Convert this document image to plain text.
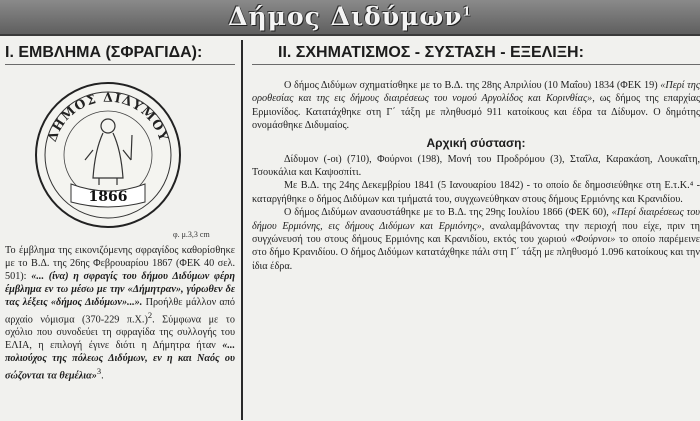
Δήμος Διδύμων$^1$
Ι. ΕΜΒΛΗΜΑ (ΣΦΡΑΓΙΔΑ):
ΔΗΜΟΣ ΔΙΔΥΜΟΥ
1866
φ. μ.3,3 cm
Το έμβλημα της εικονιζόμενης σφραγίδος καθορίσθηκε με το Β.Δ. της 26ης Φεβρουαρίου 1867 (ΦΕΚ 40 σελ. 501): «... (ίνα) η σφραγίς του δήμου Διδύμων φέρη έμβλημα εν τω μέσω με την «Δήμητραν», γύρωθεν δε τας λέξεις «δήμος Διδύμων»...». Προήλθε μάλλον από αρχαίο νόμισμα (370-229 π.Χ.)$^2$. Σύμφωνα με το σχόλιο που συνοδεύει τη σφραγίδα της συλλογής του ΕΛΙΑ, η επιλογή έγινε διότι η Δήμητρα ήταν «... πολιούχος της πόλεως Διδύμων, εν η και Ναός ου σώζονται τα θεμέλια»$^3$.
ΙΙ. ΣΧΗΜΑΤΙΣΜΟΣ - ΣΥΣΤΑΣΗ - ΕΞΕΛΙΞΗ:

Ο δήμος Διδύμων σχηματίσθηκε με το Β.Δ. της 28ης Απριλίου (10 Μαΐου) 1834 (ΦΕΚ 19) «Περί της οροθεσίας και της εις δήμους διαιρέσεως του νομού Αργολίδος και Κορινθίας», ως δήμος της επαρχίας Ερμιονίδος. Κατατάχθηκε στη Γ΄ τάξη με πληθυσμό 911 κατοίκους και έδρα τα Δίδυμον. Ο δημότης ονομάσθηκε Διδυμαίος.

Αρχική σύσταση:

Δίδυμον (-οι) (710), Φούρνοι (198), Μονή του Προδρόμου (3), Σταΐλα, Καρακάση, Λουκαΐτη, Τσουκάλια και Καψοσπίτι.

Με Β.Δ. της 24ης Δεκεμβρίου 1841 (5 Ιανουαρίου 1842) - το οποίο δε δημοσιεύθηκε στη Ε.τ.Κ.⁴ - καταργήθηκε ο δήμος Διδύμων και τμήματά του, συγχωνεύθηκαν στους δήμους Ερμιόνης και Κρανιδίου.

Ο δήμος Διδύμων ανασυστάθηκε με το Β.Δ. της 29ης Ιουλίου 1866 (ΦΕΚ 60), «Περί διαιρέσεως του δήμου Ερμιόνης, εις δήμους Διδύμων και Ερμιόνης», αναλαμβάνοντας την περιοχή που είχε, πριν τη συγχώνευσή του στους δήμους Ερμιόνης και Κρανιδίου, εκτός του χωριού «Φούρνοι» το οποίο παρέμεινε στο δήμο Κρανιδίου. Ο δήμος Διδύμων κατατάχθηκε πάλι στη Γ΄ τάξη με πληθυσμό 1.096 κατοίκους και την ίδια έδρα.
